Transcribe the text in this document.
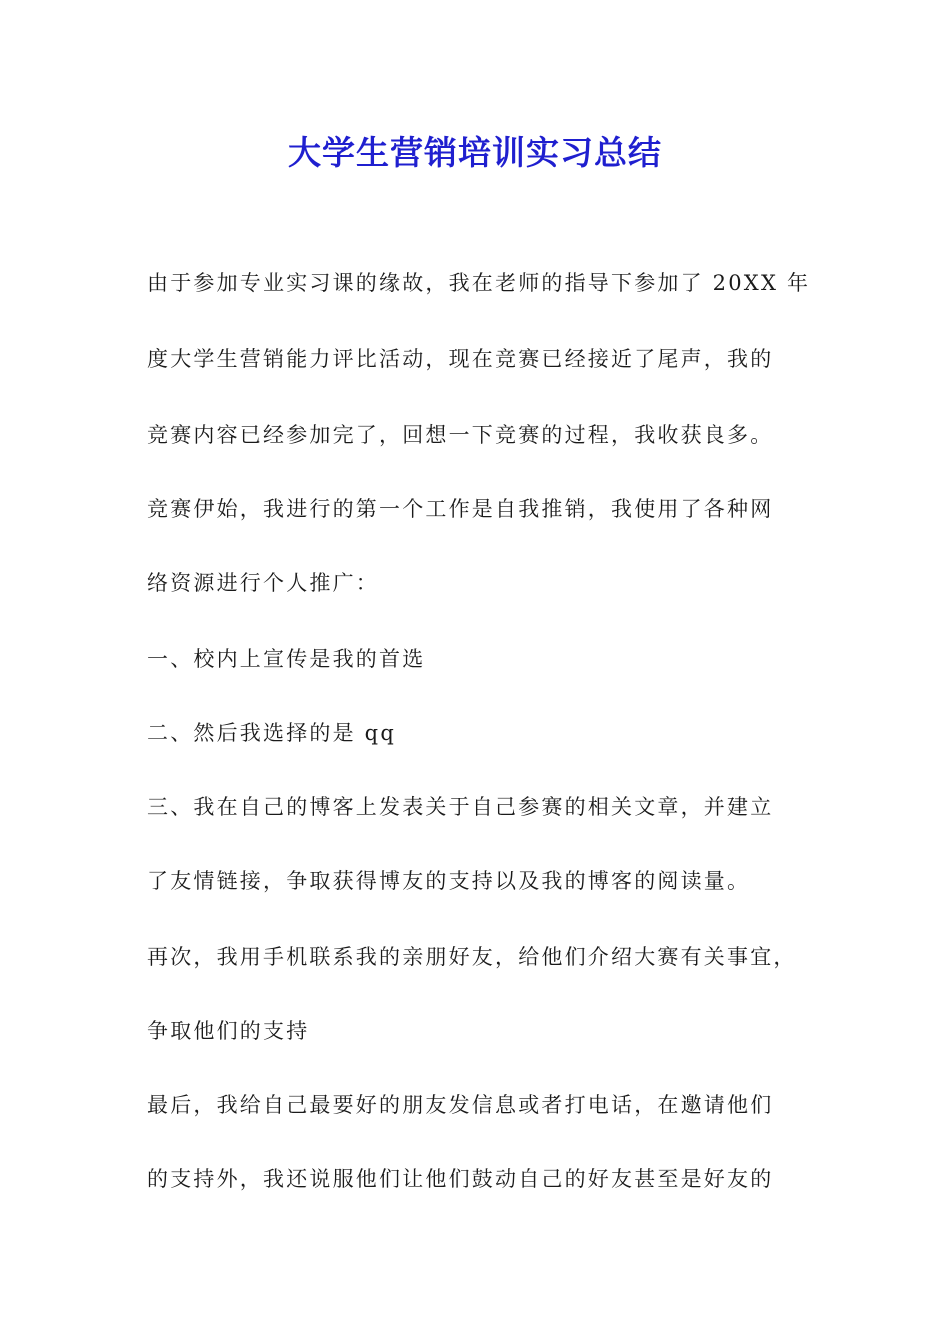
大学生营销培训实习总结

由于参加专业实习课的缘故，我在老师的指导下参加了 20XX 年

度大学生营销能力评比活动，现在竞赛已经接近了尾声，我的

竞赛内容已经参加完了，回想一下竞赛的过程，我收获良多。

竞赛伊始，我进行的第一个工作是自我推销，我使用了各种网

络资源进行个人推广：

一、校内上宣传是我的首选

二、然后我选择的是 qq

三、我在自己的博客上发表关于自己参赛的相关文章，并建立

了友情链接，争取获得博友的支持以及我的博客的阅读量。

再次，我用手机联系我的亲朋好友，给他们介绍大赛有关事宜，

争取他们的支持

最后，我给自己最要好的朋友发信息或者打电话，在邀请他们

的支持外，我还说服他们让他们鼓动自己的好友甚至是好友的
